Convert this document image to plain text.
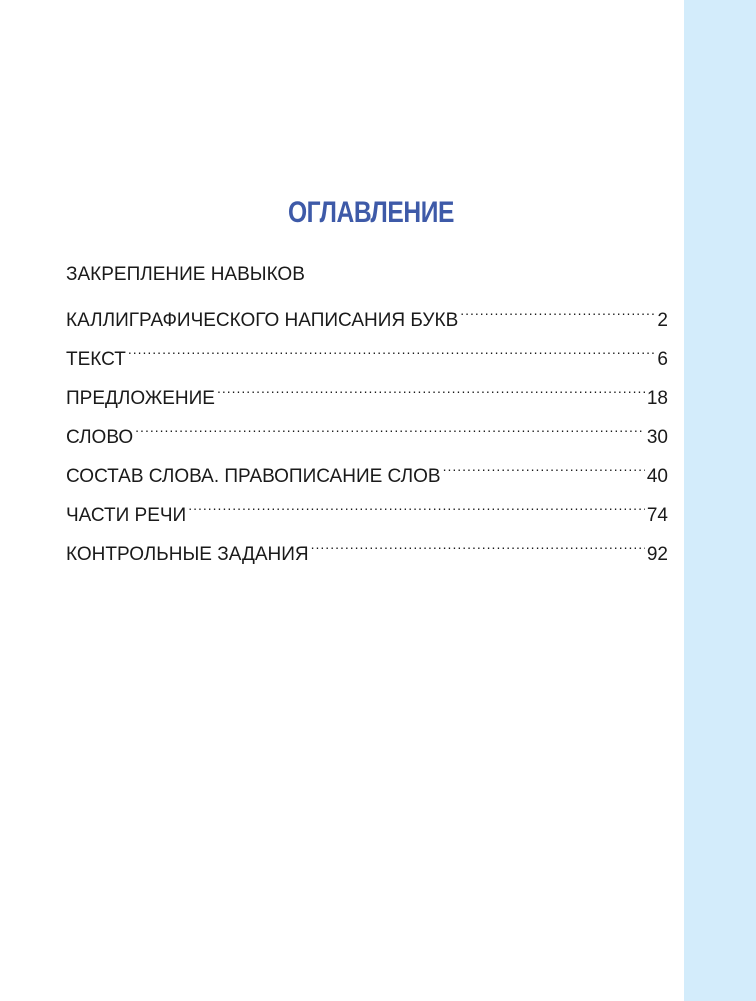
ОГЛАВЛЕНИЕ
ЗАКРЕПЛЕНИЕ НАВЫКОВ
КАЛЛИГРАФИЧЕСКОГО НАПИСАНИЯ БУКВ .....	2
ТЕКСТ .....	6
ПРЕДЛОЖЕНИЕ .....	18
СЛОВО .....	30
СОСТАВ СЛОВА. ПРАВОПИСАНИЕ СЛОВ .....	40
ЧАСТИ РЕЧИ .....	74
КОНТРОЛЬНЫЕ ЗАДАНИЯ .....	92
